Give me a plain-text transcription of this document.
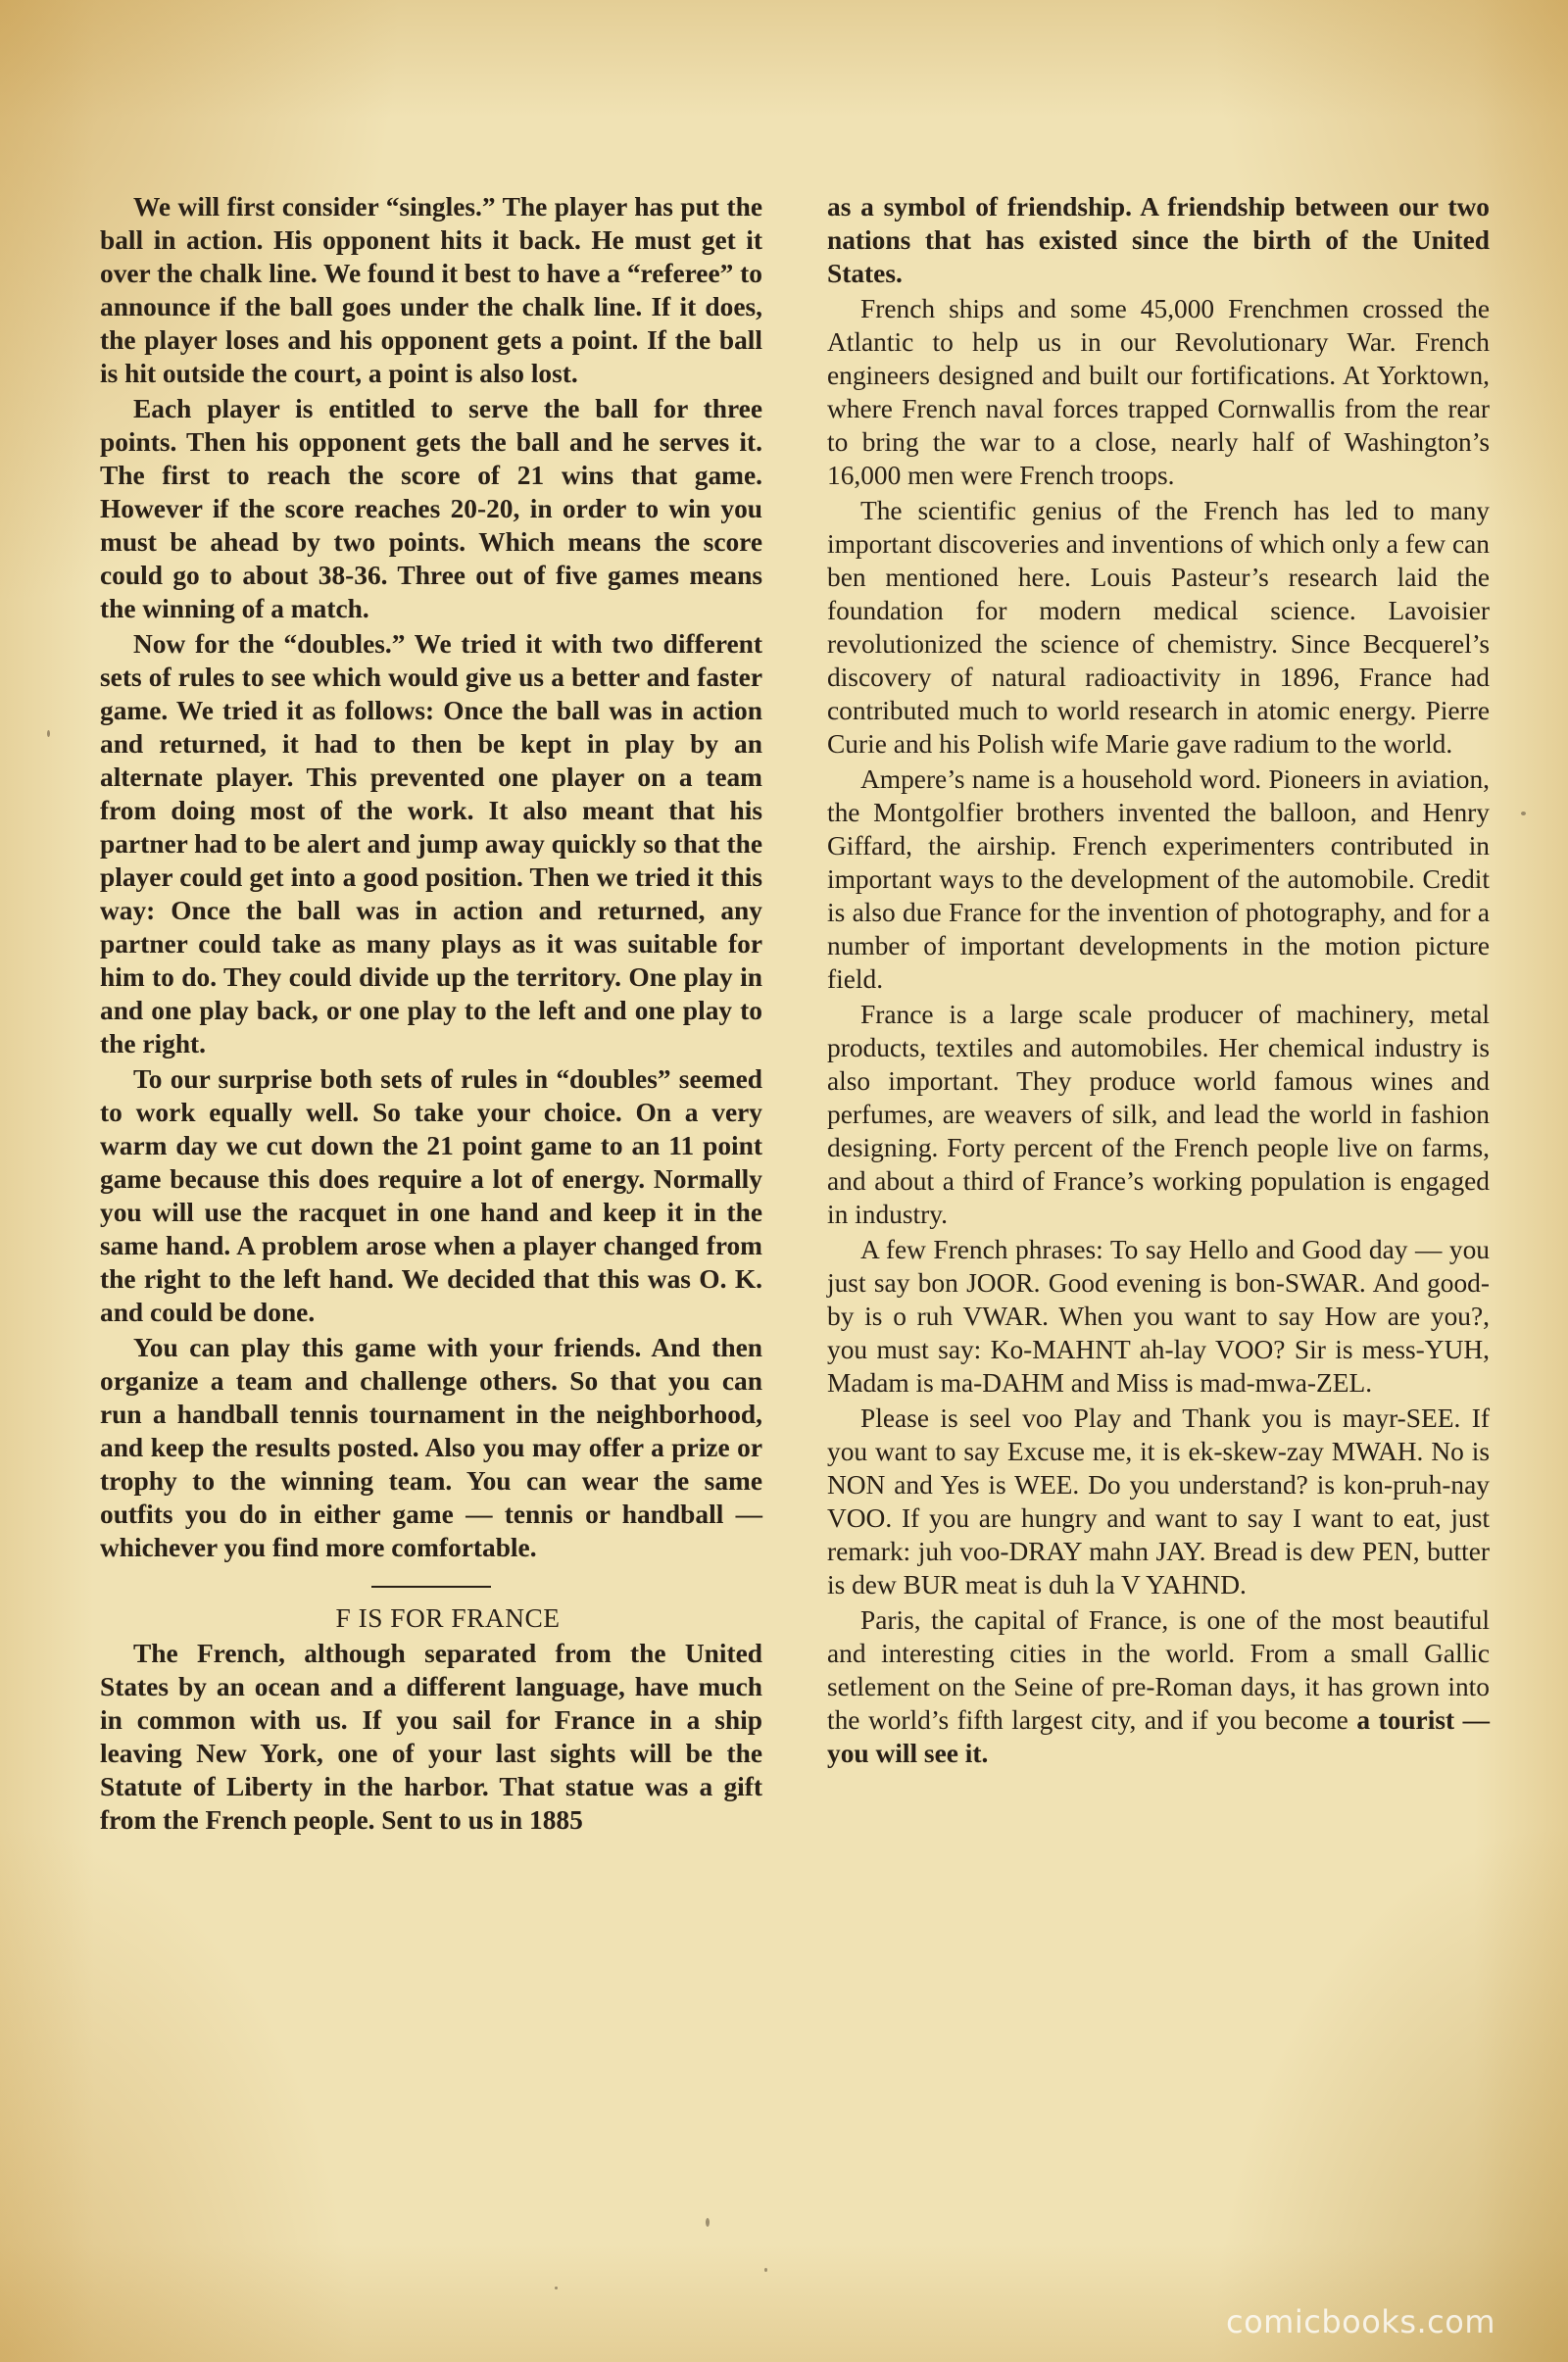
We will first consider “singles.” The player has put the ball in action. His opponent hits it back. He must get it over the chalk line. We found it best to have a “referee” to announce if the ball goes under the chalk line. If it does, the player loses and his opponent gets a point. If the ball is hit outside the court, a point is also lost.

Each player is entitled to serve the ball for three points. Then his opponent gets the ball and he serves it. The first to reach the score of 21 wins that game. However if the score reaches 20-20, in order to win you must be ahead by two points. Which means the score could go to about 38-36. Three out of five games means the winning of a match.

Now for the “doubles.” We tried it with two different sets of rules to see which would give us a better and faster game. We tried it as follows: Once the ball was in action and returned, it had to then be kept in play by an alternate player. This prevented one player on a team from doing most of the work. It also meant that his partner had to be alert and jump away quickly so that the player could get into a good position. Then we tried it this way: Once the ball was in action and returned, any partner could take as many plays as it was suitable for him to do. They could divide up the territory. One play in and one play back, or one play to the left and one play to the right.

To our surprise both sets of rules in “doubles” seemed to work equally well. So take your choice. On a very warm day we cut down the 21 point game to an 11 point game because this does require a lot of energy. Normally you will use the racquet in one hand and keep it in the same hand. A problem arose when a player changed from the right to the left hand. We decided that this was O. K. and could be done.

You can play this game with your friends. And then organize a team and challenge others. So that you can run a handball tennis tournament in the neighborhood, and keep the results posted. Also you may offer a prize or trophy to the winning team. You can wear the same outfits you do in either game — tennis or handball — whichever you find more comfortable.

F IS FOR FRANCE

The French, although separated from the United States by an ocean and a different language, have much in common with us. If you sail for France in a ship leaving New York, one of your last sights will be the Statute of Liberty in the harbor. That statue was a gift from the French people. Sent to us in 1885

as a symbol of friendship. A friendship between our two nations that has existed since the birth of the United States.

French ships and some 45,000 Frenchmen crossed the Atlantic to help us in our Revolutionary War. French engineers designed and built our fortifications. At Yorktown, where French naval forces trapped Cornwallis from the rear to bring the war to a close, nearly half of Washington’s 16,000 men were French troops.

The scientific genius of the French has led to many important discoveries and inventions of which only a few can ben mentioned here. Louis Pasteur’s research laid the foundation for modern medical science. Lavoisier revolutionized the science of chemistry. Since Becquerel’s discovery of natural radioactivity in 1896, France had contributed much to world research in atomic energy. Pierre Curie and his Polish wife Marie gave radium to the world.

Ampere’s name is a household word. Pioneers in aviation, the Montgolfier brothers invented the balloon, and Henry Giffard, the airship. French experimenters contributed in important ways to the development of the automobile. Credit is also due France for the invention of photography, and for a number of important developments in the motion picture field.

France is a large scale producer of machinery, metal products, textiles and automobiles. Her chemical industry is also important. They produce world famous wines and perfumes, are weavers of silk, and lead the world in fashion designing. Forty percent of the French people live on farms, and about a third of France’s working population is engaged in industry.

A few French phrases: To say Hello and Good day — you just say bon JOOR. Good evening is bon-SWAR. And good-by is o ruh VWAR. When you want to say How are you?, you must say: Ko-MAHNT ah-lay VOO? Sir is mess-YUH, Madam is ma-DAHM and Miss is mad-mwa-ZEL.

Please is seel voo Play and Thank you is mayr-SEE. If you want to say Excuse me, it is ek-skew-zay MWAH. No is NON and Yes is WEE. Do you understand? is kon-pruh-nay VOO. If you are hungry and want to say I want to eat, just remark: juh voo-DRAY mahn JAY. Bread is dew PEN, butter is dew BUR meat is duh la V YAHND.

Paris, the capital of France, is one of the most beautiful and interesting cities in the world. From a small Gallic setlement on the Seine of pre-Roman days, it has grown into the world’s fifth largest city, and if you become a tourist — you will see it.

comicbooks.com
